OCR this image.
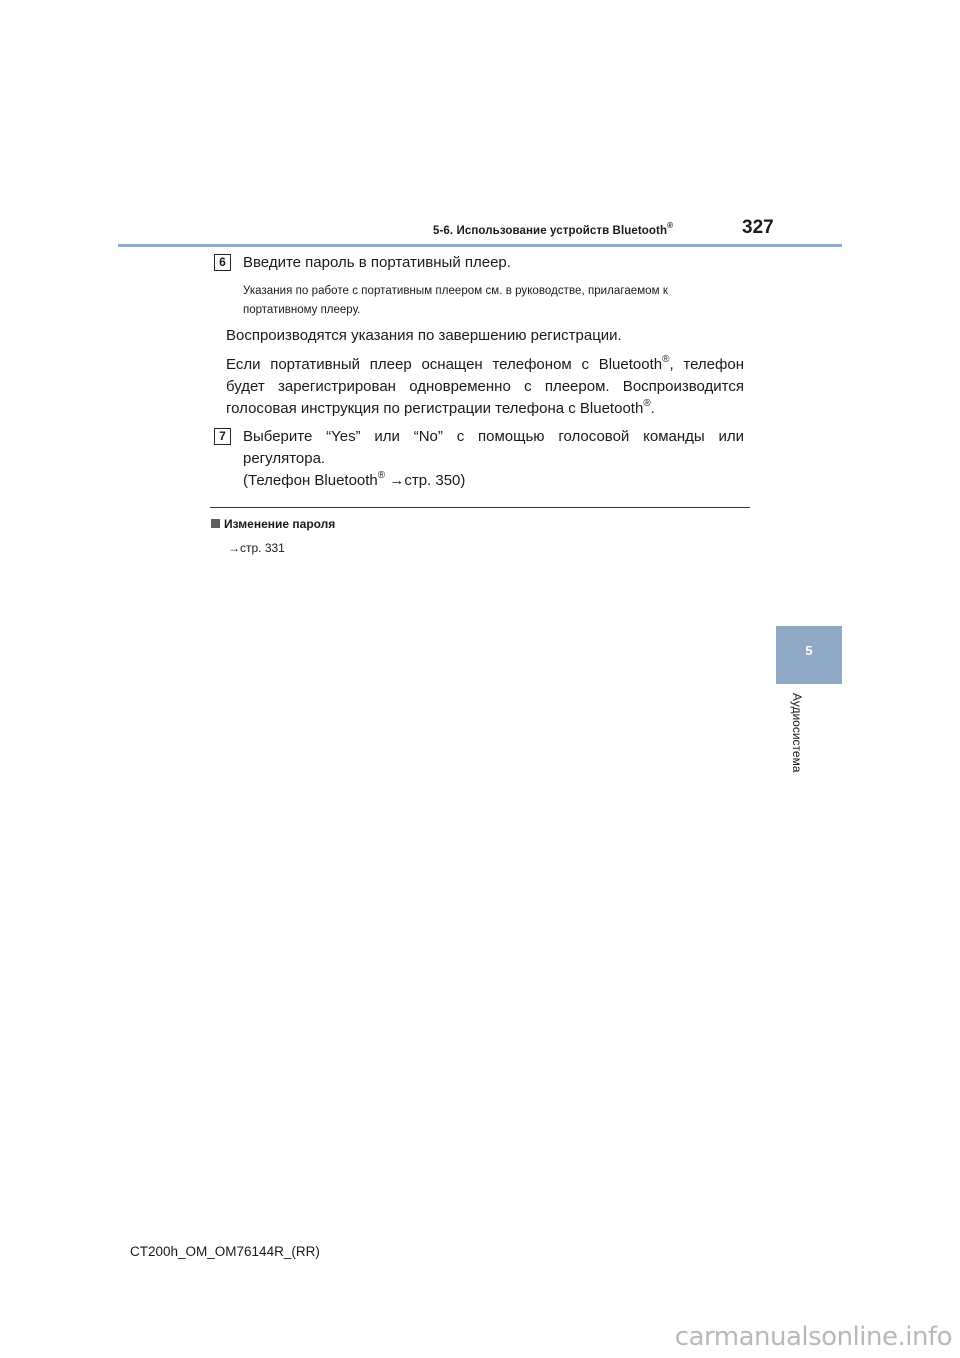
5-6. Использование устройств Bluetooth®	327
6	Введите пароль в портативный плеер.
Указания по работе с портативным плеером см. в руководстве, прилагаемом к
портативному плееру.
Воспроизводятся указания по завершению регистрации.
Если портативный плеер оснащен телефоном с Bluetooth®, телефон
будет зарегистрирован одновременно с плеером. Воспроизводится
голосовая инструкция по регистрации телефона с Bluetooth®.
7	Выберите “Yes” или “No” с помощью голосовой команды или
регулятора.
(Телефон Bluetooth® →стр. 350)
Изменение пароля
→стр. 331
5
Аудиосистема
CT200h_OM_OM76144R_(RR)
carmanualsonline.info
